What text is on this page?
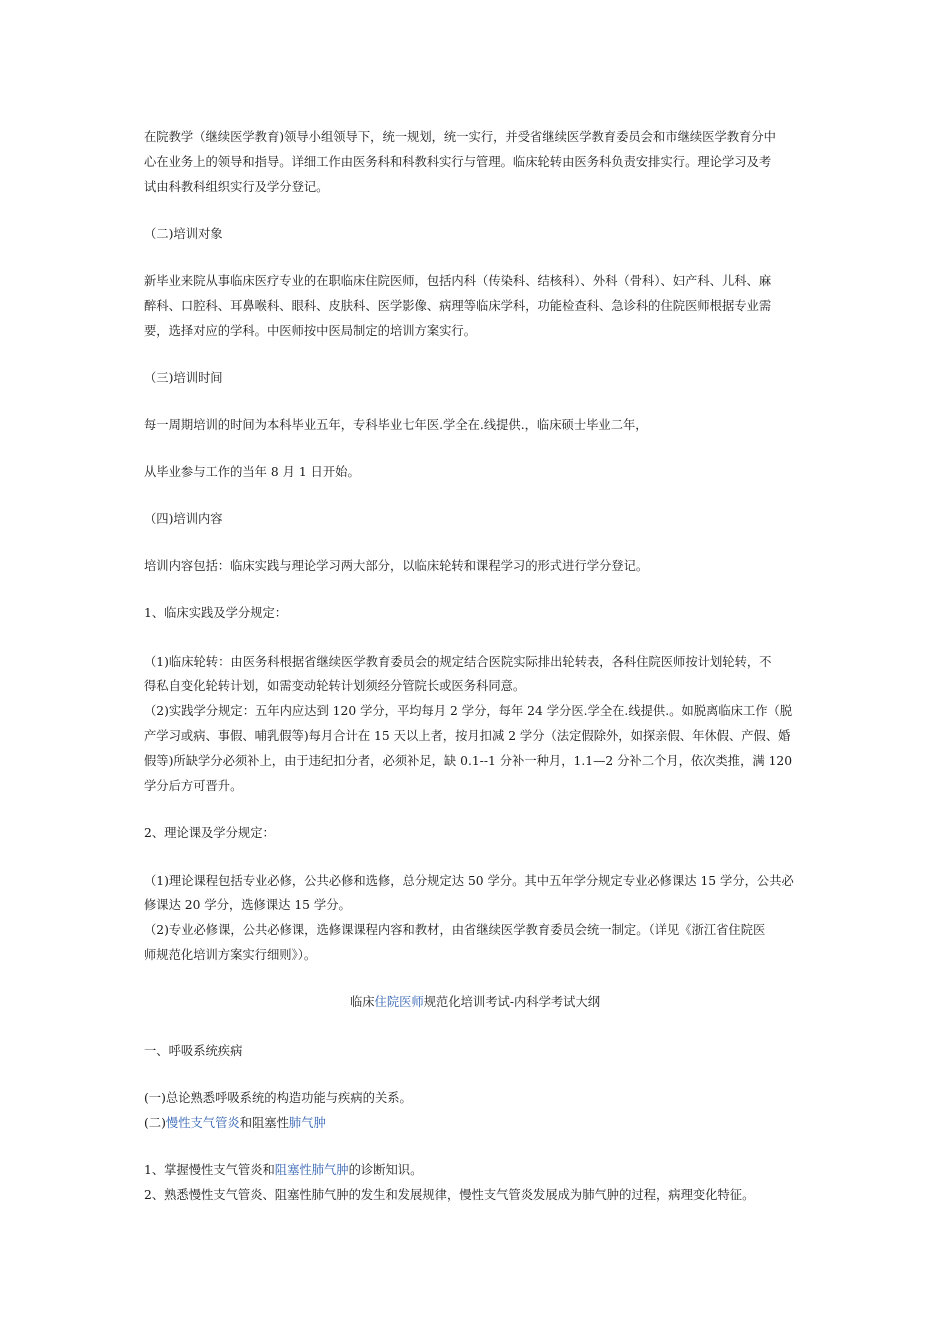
在院教学（继续医学教育)领导小组领导下，统一规划，统一实行，并受省继续医学教育委员会和市继续医学教育分中
心在业务上的领导和指导。详细工作由医务科和科教科实行与管理。临床轮转由医务科负责安排实行。理论学习及考
试由科教科组织实行及学分登记。
（二)培训对象
新毕业来院从事临床医疗专业的在职临床住院医师，包括内科（传染科、结核科）、外科（骨科）、妇产科、儿科、麻
醉科、口腔科、耳鼻喉科、眼科、皮肤科、医学影像、病理等临床学科，功能检查科、急诊科的住院医师根据专业需
要，选择对应的学科。中医师按中医局制定的培训方案实行。
（三)培训时间
每一周期培训的时间为本科毕业五年，专科毕业七年医.学全在.线提供.，临床硕士毕业二年，
从毕业参与工作的当年 8 月 1 日开始。
（四)培训内容
培训内容包括：临床实践与理论学习两大部分，以临床轮转和课程学习的形式进行学分登记。
1、临床实践及学分规定：
（1)临床轮转：由医务科根据省继续医学教育委员会的规定结合医院实际排出轮转表，各科住院医师按计划轮转，不
得私自变化轮转计划，如需变动轮转计划须经分管院长或医务科同意。
（2)实践学分规定：五年内应达到 120 学分，平均每月 2 学分，每年 24 学分医.学全在.线提供.。如脱离临床工作（脱
产学习或病、事假、哺乳假等)每月合计在 15 天以上者，按月扣减 2 学分（法定假除外，如探亲假、年休假、产假、婚
假等)所缺学分必须补上，由于违纪扣分者，必须补足，缺 0.1--1 分补一种月，1.1—2 分补二个月，依次类推，满 120
学分后方可晋升。
2、理论课及学分规定：
（1)理论课程包括专业必修，公共必修和选修，总分规定达 50 学分。其中五年学分规定专业必修课达 15 学分，公共必
修课达 20 学分，选修课达 15 学分。
（2)专业必修课，公共必修课，选修课课程内容和教材，由省继续医学教育委员会统一制定。（详见《浙江省住院医
师规范化培训方案实行细则》）。
临床住院医师规范化培训考试-内科学考试大纲
一、呼吸系统疾病
(一)总论熟悉呼吸系统的构造功能与疾病的关系。
(二)慢性支气管炎和阻塞性肺气肿
1、掌握慢性支气管炎和阻塞性肺气肿的诊断知识。
2、熟悉慢性支气管炎、阻塞性肺气肿的发生和发展规律，慢性支气管炎发展成为肺气肿的过程，病理变化特征。
